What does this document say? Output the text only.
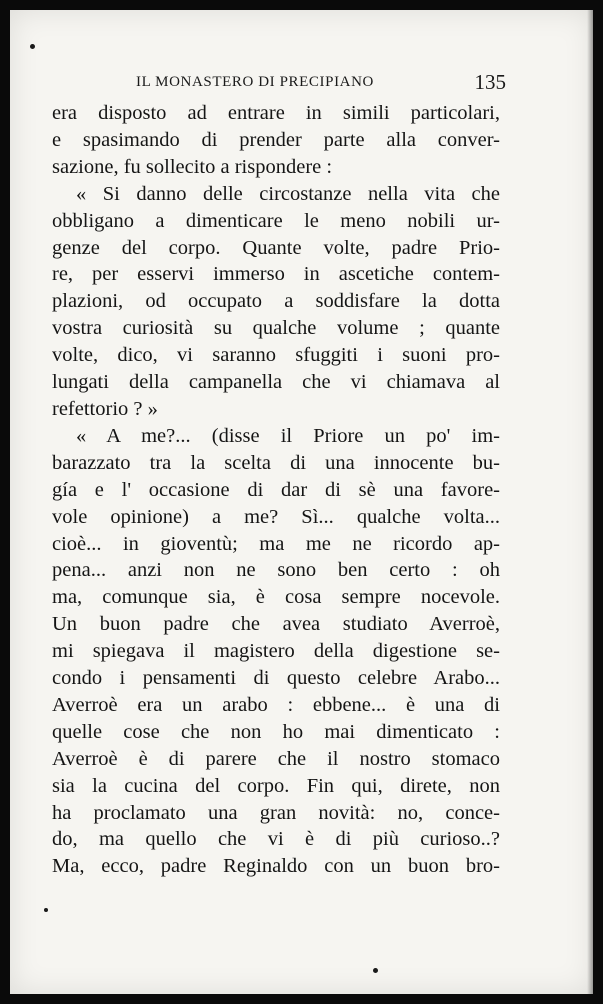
IL MONASTERO DI PRECIPIANO	135
era disposto ad entrare in simili particolari,
e spasimando di prender parte alla conver-
sazione, fu sollecito a rispondere :
« Si danno delle circostanze nella vita che
obbligano a dimenticare le meno nobili ur-
genze del corpo. Quante volte, padre Prio-
re, per esservi immerso in ascetiche contem-
plazioni, od occupato a soddisfare la dotta
vostra curiosità su qualche volume ; quante
volte, dico, vi saranno sfuggiti i suoni pro-
lungati della campanella che vi chiamava al
refettorio ? »
« A me?... (disse il Priore un po' im-
barazzato tra la scelta di una innocente bu-
gía e l' occasione di dar di sè una favore-
vole opinione) a me? Sì... qualche volta...
cioè... in gioventù; ma me ne ricordo ap-
pena... anzi non ne sono ben certo : oh
ma, comunque sia, è cosa sempre nocevole.
Un buon padre che avea studiato Averroè,
mi spiegava il magistero della digestione se-
condo i pensamenti di questo celebre Arabo...
Averroè era un arabo : ebbene... è una di
quelle cose che non ho mai dimenticato :
Averroè è di parere che il nostro stomaco
sia la cucina del corpo. Fin qui, direte, non
ha proclamato una gran novità: no, conce-
do, ma quello che vi è di più curioso..?
Ma, ecco, padre Reginaldo con un buon bro-
